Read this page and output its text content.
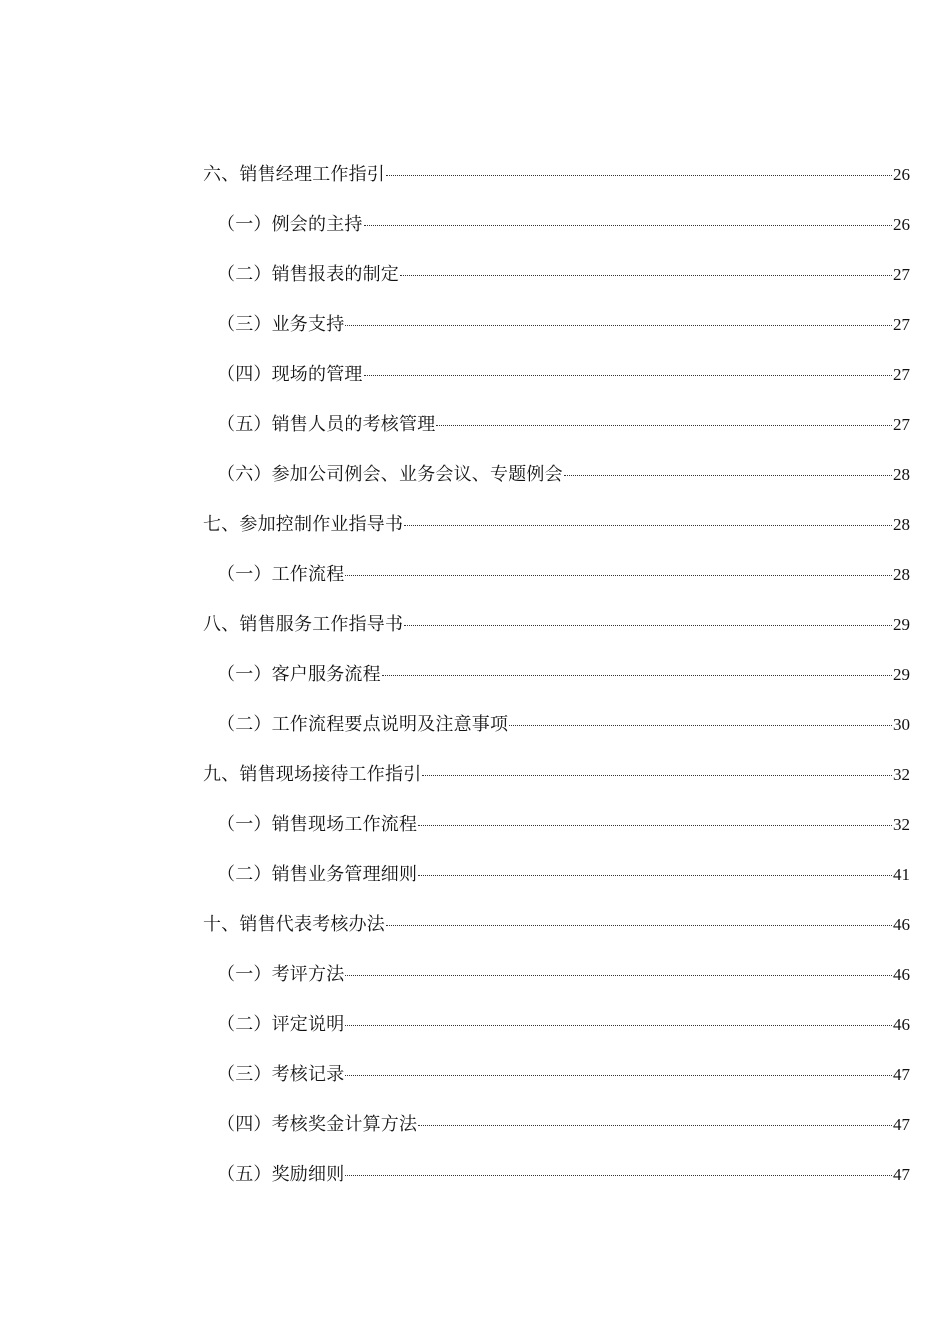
六、销售经理工作指引	26
（一）例会的主持	26
（二）销售报表的制定	27
（三）业务支持	27
（四）现场的管理	27
（五）销售人员的考核管理	27
（六）参加公司例会、业务会议、专题例会	28
七、参加控制作业指导书	28
（一）工作流程	28
八、销售服务工作指导书	29
（一）客户服务流程	29
（二）工作流程要点说明及注意事项	30
九、销售现场接待工作指引	32
（一）销售现场工作流程	32
（二）销售业务管理细则	41
十、销售代表考核办法	46
（一）考评方法	46
（二）评定说明	46
（三）考核记录	47
（四）考核奖金计算方法	47
（五）奖励细则	47
